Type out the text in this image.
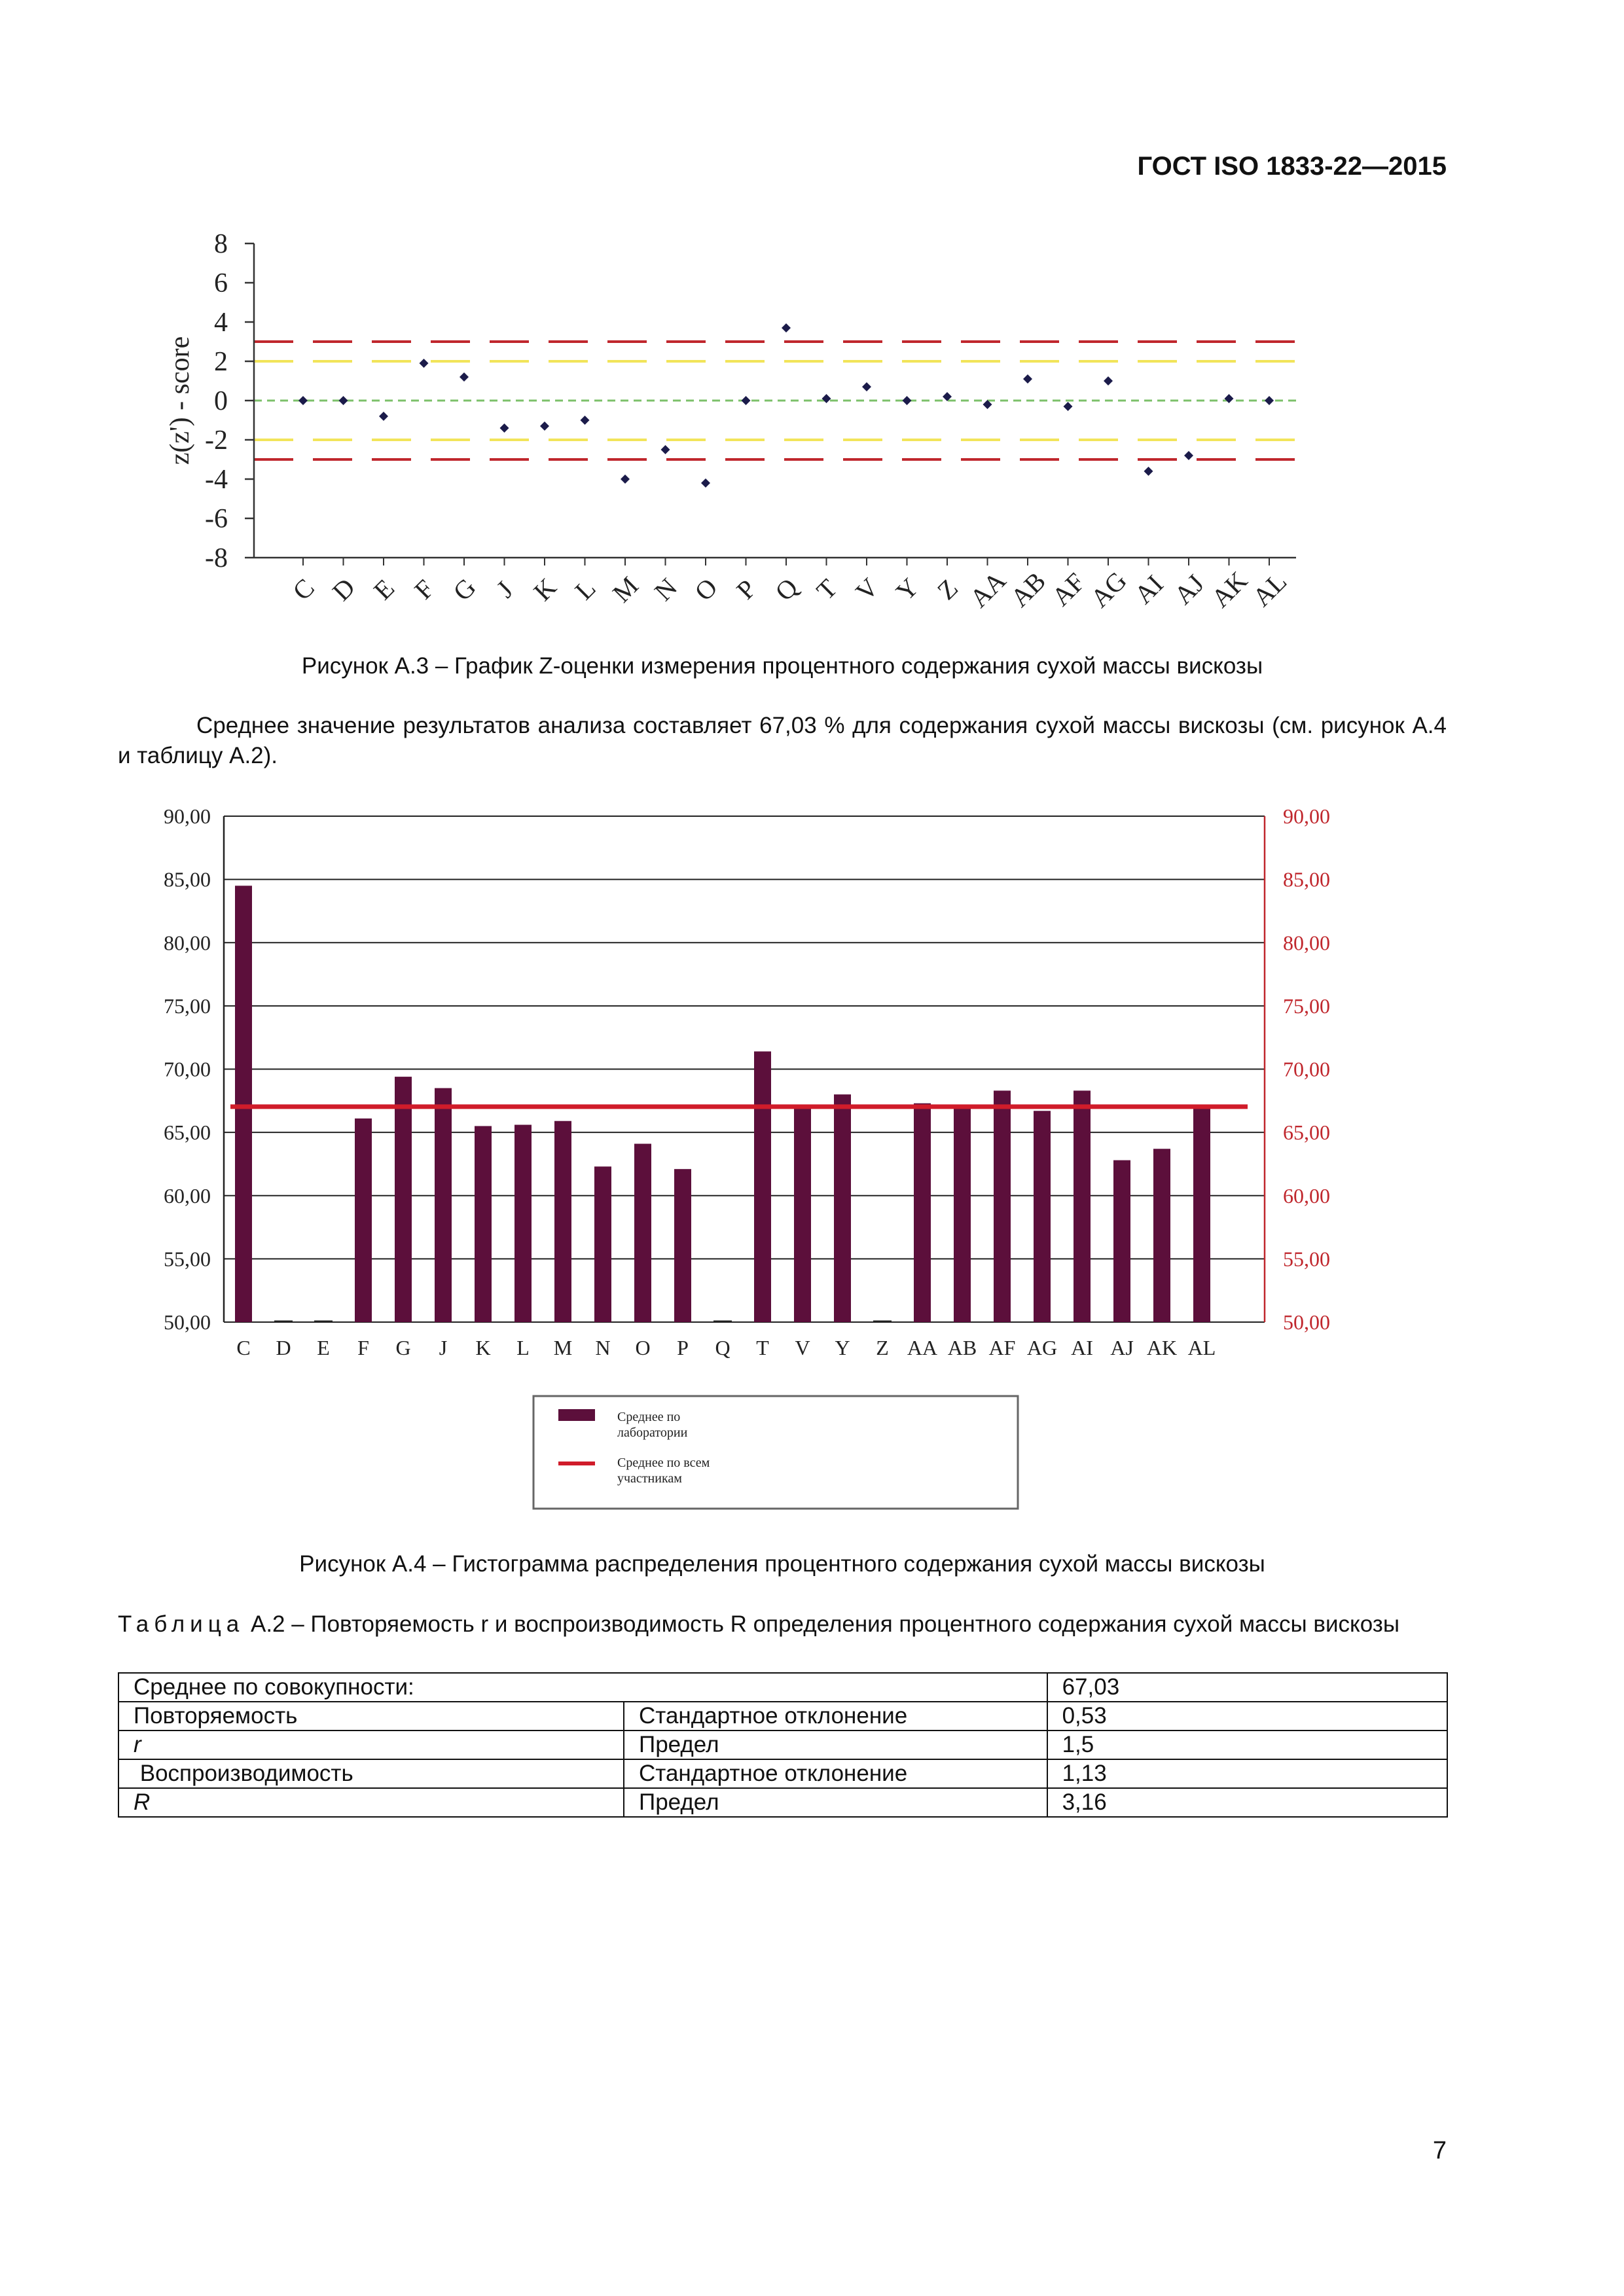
ГОСТ ISO 1833-22—2015
8
6
4
2
0
-2
-4
-6
-8
z(z') - score
C D E F G J K L M N O P Q T V Y Z AA
AB
AF
AG
AI AJ
AK
AL
Рисунок А.3 – График Z-оценки измерения процентного содержания сухой массы вискозы
Среднее значение результатов анализа составляет 67,03 % для содержания сухой массы вискозы (см. рисунок А.4 и таблицу А.2).
90,00	90,00
85,00	85,00
80,00	80,00
75,00	75,00
70,00	70,00
65,00	65,00
60,00	60,00
55,00	55,00
50,00	50,00
C D E F G J K L M N O P Q T V Y Z AA AB AF AG AI AJ AK AL
Среднее по лаборатории
Среднее по всем участникам
Рисунок А.4 – Гистограмма распределения процентного содержания сухой массы вискозы
Таблица А.2 – Повторяемость r и воспроизводимость R определения процентного содержания сухой массы вискозы
Среднее по совокупности:		67,03
Повторяемость	Стандартное отклонение	0,53
r	Предел	1,5
Воспроизводимость	Стандартное отклонение	1,13
R	Предел	3,16
7
